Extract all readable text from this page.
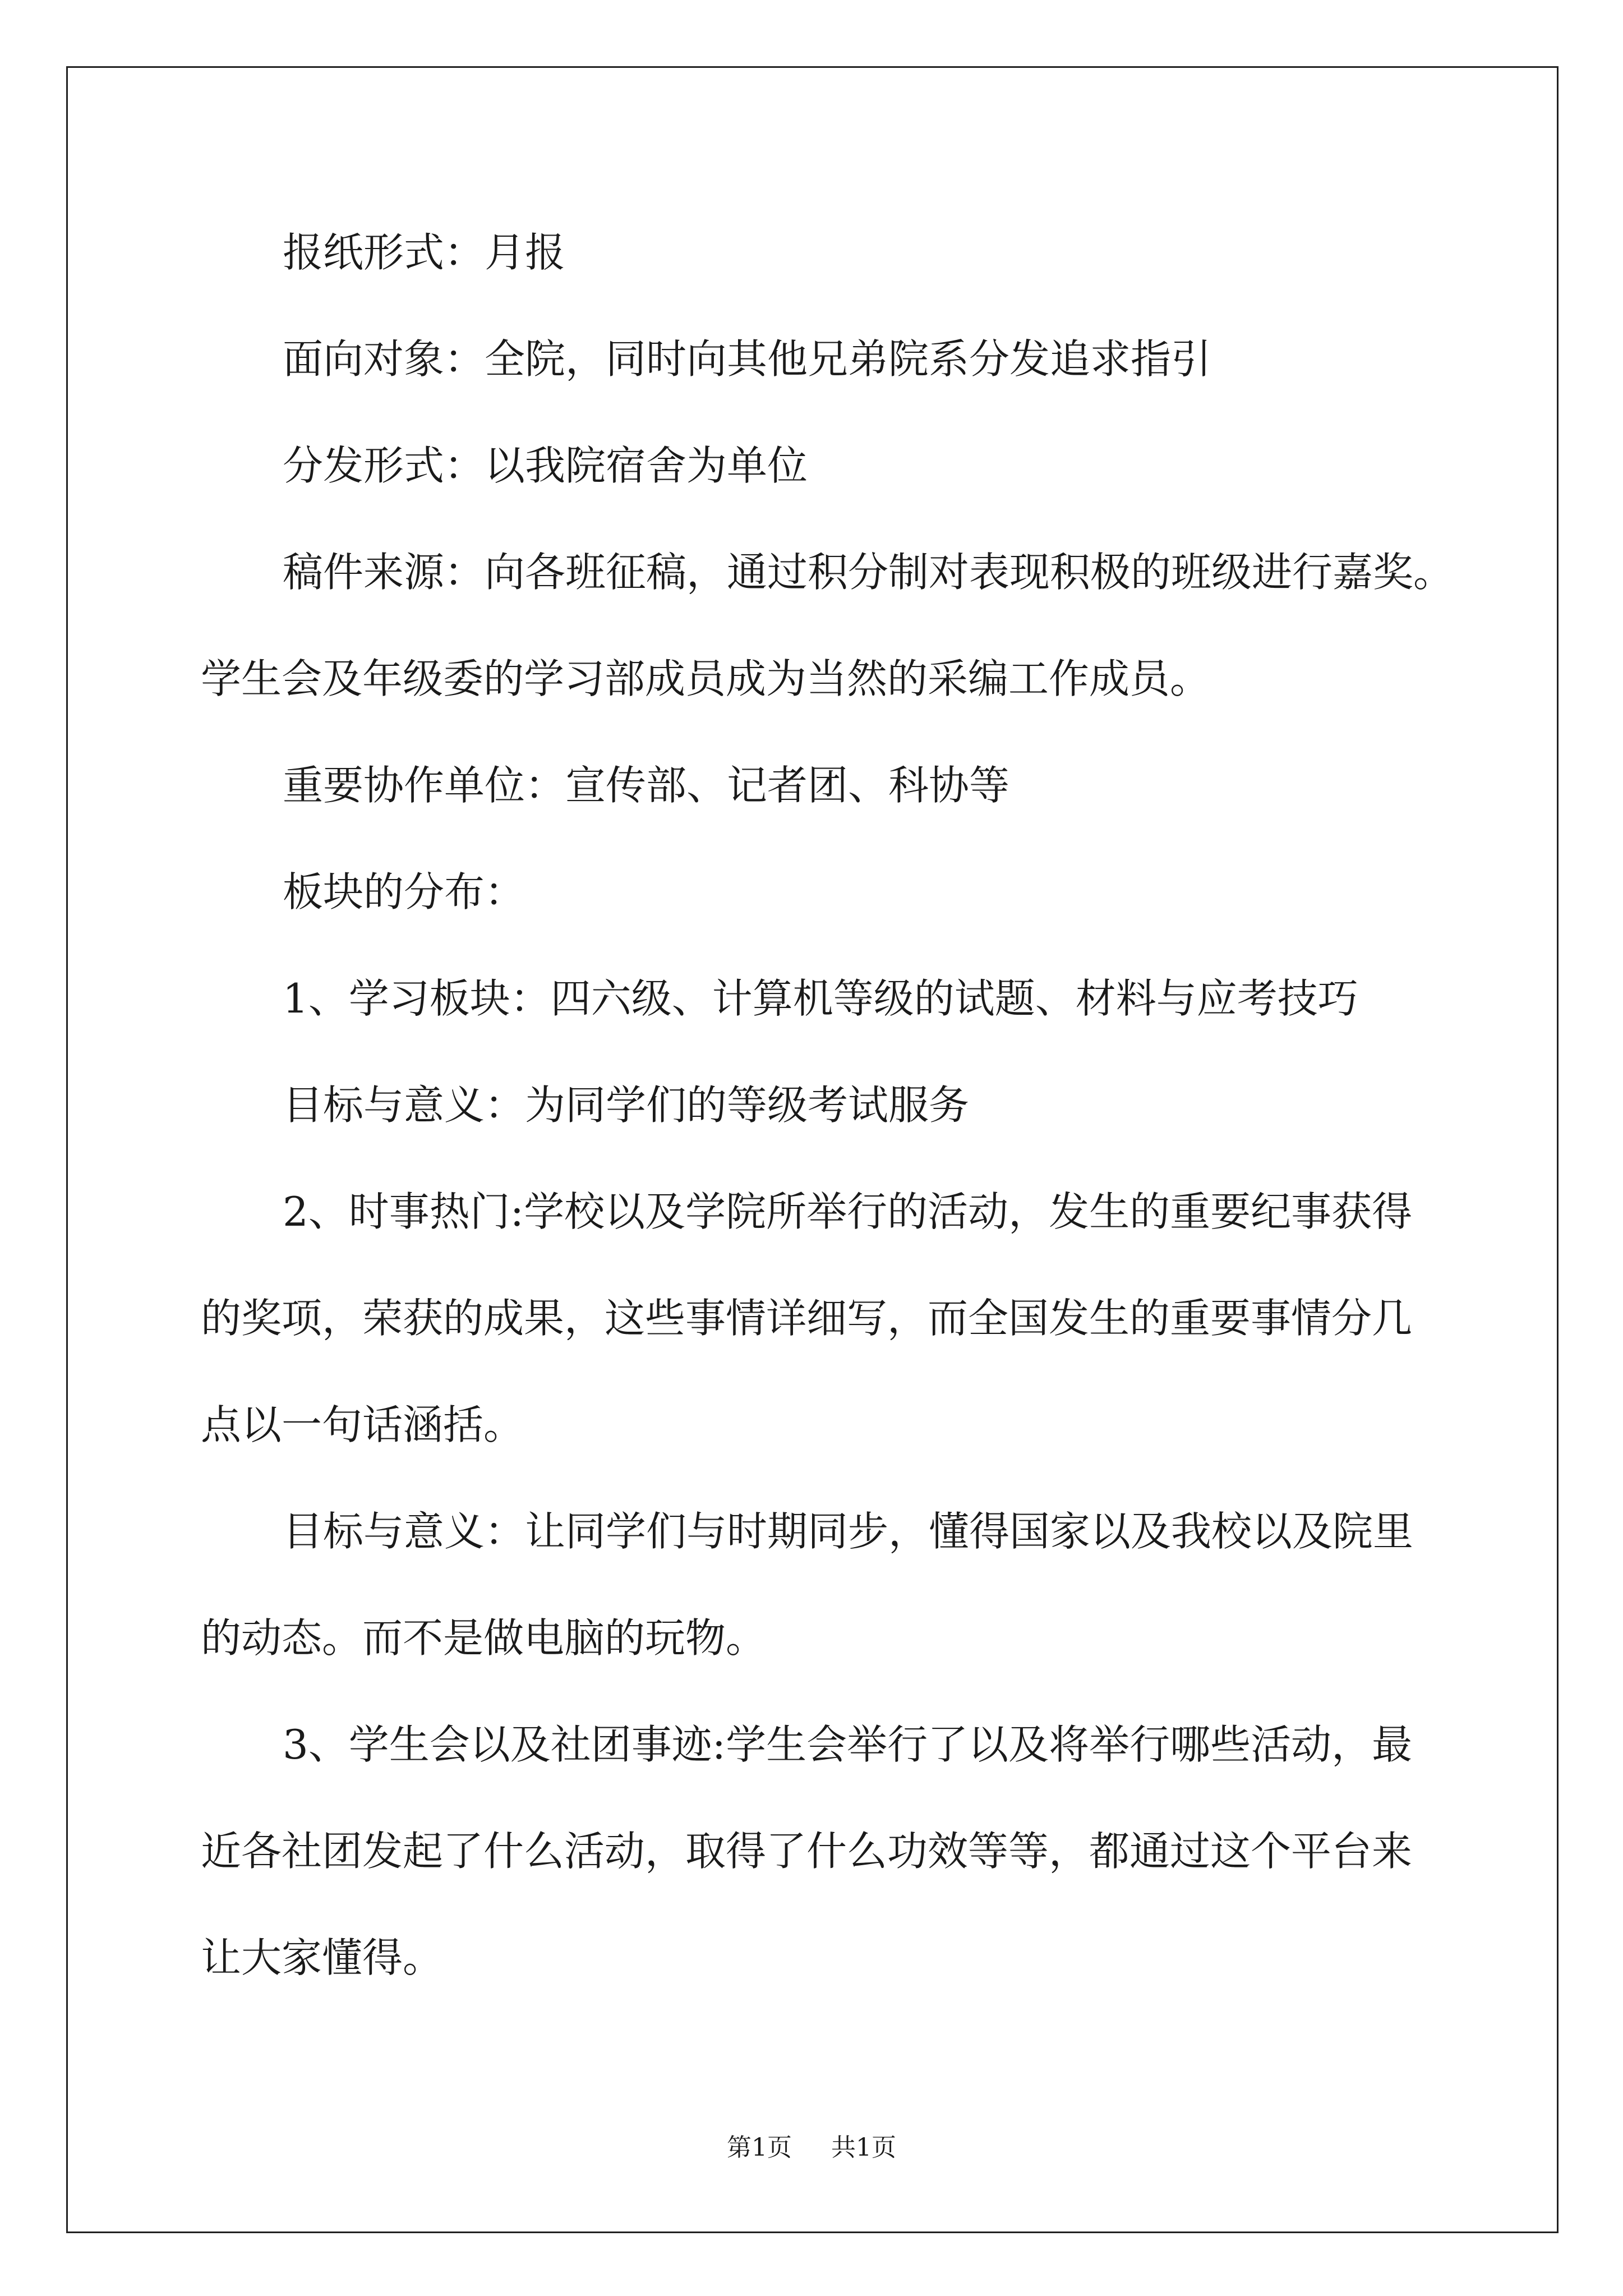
报纸形式：月报
面向对象：全院，同时向其他兄弟院系分发追求指引
分发形式：以我院宿舍为单位
稿件来源：向各班征稿，通过积分制对表现积极的班级进行嘉奖。
学生会及年级委的学习部成员成为当然的采编工作成员。
重要协作单位：宣传部、记者团、科协等
板块的分布：
1、学习板块：四六级、计算机等级的试题、材料与应考技巧
目标与意义：为同学们的等级考试服务
2、时事热门:学校以及学院所举行的活动，发生的重要纪事获得
的奖项，荣获的成果，这些事情详细写，而全国发生的重要事情分几
点以一句话涵括。
目标与意义：让同学们与时期同步，懂得国家以及我校以及院里
的动态。而不是做电脑的玩物。
3、学生会以及社团事迹:学生会举行了以及将举行哪些活动，最
近各社团发起了什么活动，取得了什么功效等等，都通过这个平台来
让大家懂得。
第1页 共1页
